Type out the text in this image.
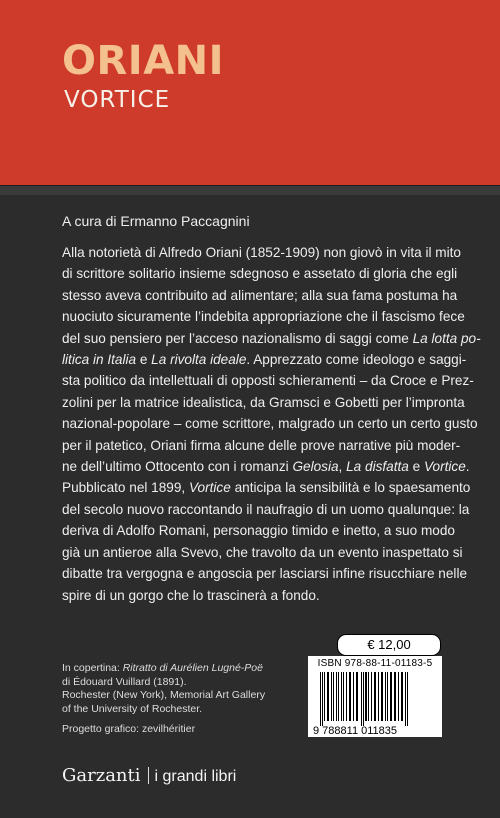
ORIANI
VORTICE
A cura di Ermanno Paccagnini
Alla notorietà di Alfredo Oriani (1852-1909) non giovò in vita il mito
di scrittore solitario insieme sdegnoso e assetato di gloria che egli
stesso aveva contribuito ad alimentare; alla sua fama postuma ha
nuociuto sicuramente l’indebita appropriazione che il fascismo fece
del suo pensiero per l’acceso nazionalismo di saggi come La lotta po-
litica in Italia e La rivolta ideale. Apprezzato come ideologo e saggi-
sta politico da intellettuali di opposti schieramenti – da Croce e Prez-
zolini per la matrice idealistica, da Gramsci e Gobetti per l’impronta
nazional-popolare – come scrittore, malgrado un certo un certo gusto
per il patetico, Oriani firma alcune delle prove narrative più moder-
ne dell’ultimo Ottocento con i romanzi Gelosia, La disfatta e Vortice.
Pubblicato nel 1899, Vortice anticipa la sensibilità e lo spaesamento
del secolo nuovo raccontando il naufragio di un uomo qualunque: la
deriva di Adolfo Romani, personaggio timido e inetto, a suo modo
già un antieroe alla Svevo, che travolto da un evento inaspettato si
dibatte tra vergogna e angoscia per lasciarsi infine risucchiare nelle
spire di un gorgo che lo trascinerà a fondo.
In copertina: Ritratto di Aurélien Lugné-Poë
di Édouard Vuillard (1891).
Rochester (New York), Memorial Art Gallery
of the University of Rochester.
Progetto grafico: zevilhéritier
€ 12,00
ISBN 978-88-11-01183-5
9 788811 011835
Garzanti i grandi libri
